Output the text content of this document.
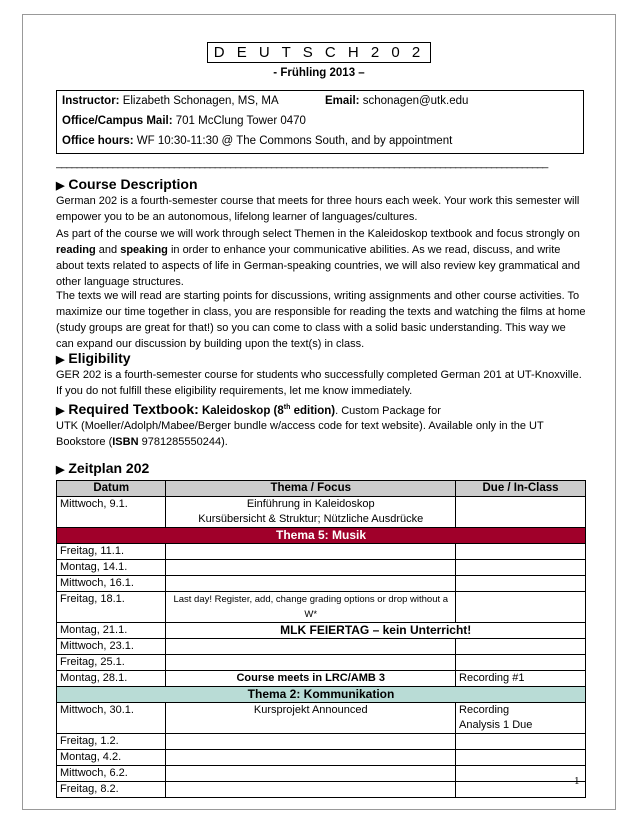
D E U T S C H 2 0 2
- Frühling 2013 –
Instructor: Elizabeth Schonagen, MS, MA	Email: schonagen@utk.edu
Office/Campus Mail: 701 McClung Tower 0470
Office hours: WF 10:30-11:30 @ The Commons South, and by appointment
________________________________________________________________________________________________
▶ Course Description
German 202 is a fourth-semester course that meets for three hours each week. Your work this semester will empower you to be an autonomous, lifelong learner of languages/cultures.
As part of the course we will work through select Themen in the Kaleidoskop textbook and focus strongly on reading and speaking in order to enhance your communicative abilities. As we read, discuss, and write about texts related to aspects of life in German-speaking countries, we will also review key grammatical and other language structures.
The texts we will read are starting points for discussions, writing assignments and other course activities. To maximize our time together in class, you are responsible for reading the texts and watching the films at home (study groups are great for that!) so you can come to class with a solid basic understanding. This way we can expand our discussion by building upon the text(s) in class.
▶ Eligibility
GER 202 is a fourth-semester course for students who successfully completed German 201 at UT-Knoxville. If you do not fulfill these eligibility requirements, let me know immediately.
▶ Required Textbook: Kaleidoskop (8th edition). Custom Package for
UTK (Moeller/Adolph/Mabee/Berger bundle w/access code for text website). Available only in the UT Bookstore (ISBN 9781285550244).
▶ Zeitplan 202
Datum	Thema / Focus	Due / In-Class
Mittwoch, 9.1.	Einführung in Kaleidoskop
Kursübersicht & Struktur; Nützliche Ausdrücke	

Thema 5: Musik		
Freitag, 11.1.		
Montag, 14.1.		
Mittwoch, 16.1.		
Freitag, 18.1.	Last day! Register, add, change grading options or drop without a W*	
Montag, 21.1.	MLK FEIERTAG – kein Unterricht!	
Mittwoch, 23.1.		
Freitag, 25.1.		
Montag, 28.1.	Course meets in LRC/AMB 3	Recording #1
Thema 2: Kommunikation		
Mittwoch, 30.1.	Kursprojekt Announced	Recording
Analysis 1 Due

Freitag, 1.2.		
Montag, 4.2.		
Mittwoch, 6.2.		
Freitag, 8.2.		
1
